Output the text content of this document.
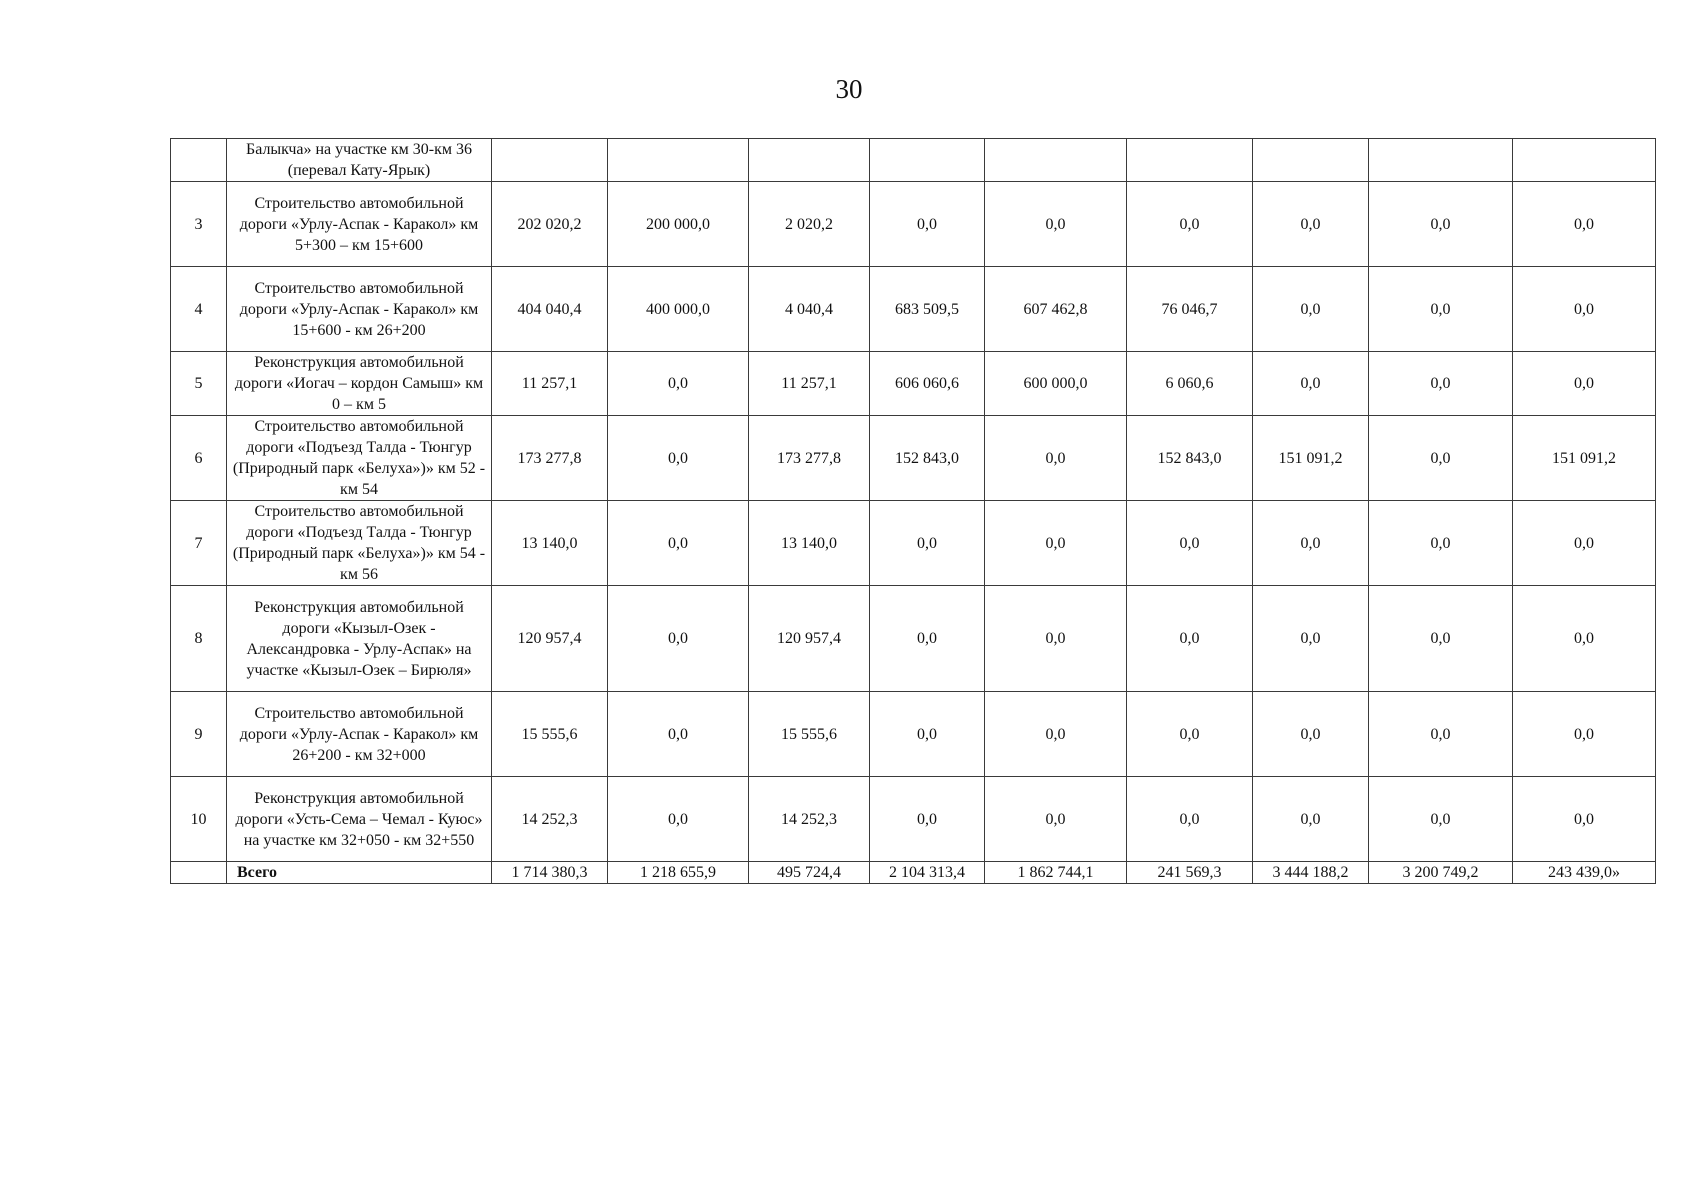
30
	Балыкча» на участке км 30-км 36 (перевал Кату-Ярык)									
3	Строительство автомобильной дороги «Урлу-Аспак - Каракол» км 5+300 – км 15+600	202 020,2	200 000,0	2 020,2	0,0	0,0	0,0	0,0	0,0	0,0
4	Строительство автомобильной дороги «Урлу-Аспак - Каракол» км 15+600 - км 26+200	404 040,4	400 000,0	4 040,4	683 509,5	607 462,8	76 046,7	0,0	0,0	0,0
5	Реконструкция автомобильной дороги «Иогач – кордон Самыш» км 0 – км 5	11 257,1	0,0	11 257,1	606 060,6	600 000,0	6 060,6	0,0	0,0	0,0
6	Строительство автомобильной дороги «Подъезд Талда - Тюнгур (Природный парк «Белуха»)» км 52 - км 54	173 277,8	0,0	173 277,8	152 843,0	0,0	152 843,0	151 091,2	0,0	151 091,2
7	Строительство автомобильной дороги «Подъезд Талда - Тюнгур (Природный парк «Белуха»)» км 54 - км 56	13 140,0	0,0	13 140,0	0,0	0,0	0,0	0,0	0,0	0,0
8	Реконструкция автомобильной дороги «Кызыл-Озек - Александровка - Урлу-Аспак» на участке «Кызыл-Озек – Бирюля»	120 957,4	0,0	120 957,4	0,0	0,0	0,0	0,0	0,0	0,0
9	Строительство автомобильной дороги «Урлу-Аспак - Каракол» км 26+200 - км 32+000	15 555,6	0,0	15 555,6	0,0	0,0	0,0	0,0	0,0	0,0
10	Реконструкция автомобильной дороги «Усть-Сема – Чемал - Куюс» на участке км 32+050 - км 32+550	14 252,3	0,0	14 252,3	0,0	0,0	0,0	0,0	0,0	0,0
	Всего	1 714 380,3	1 218 655,9	495 724,4	2 104 313,4	1 862 744,1	241 569,3	3 444 188,2	3 200 749,2	243 439,0»
